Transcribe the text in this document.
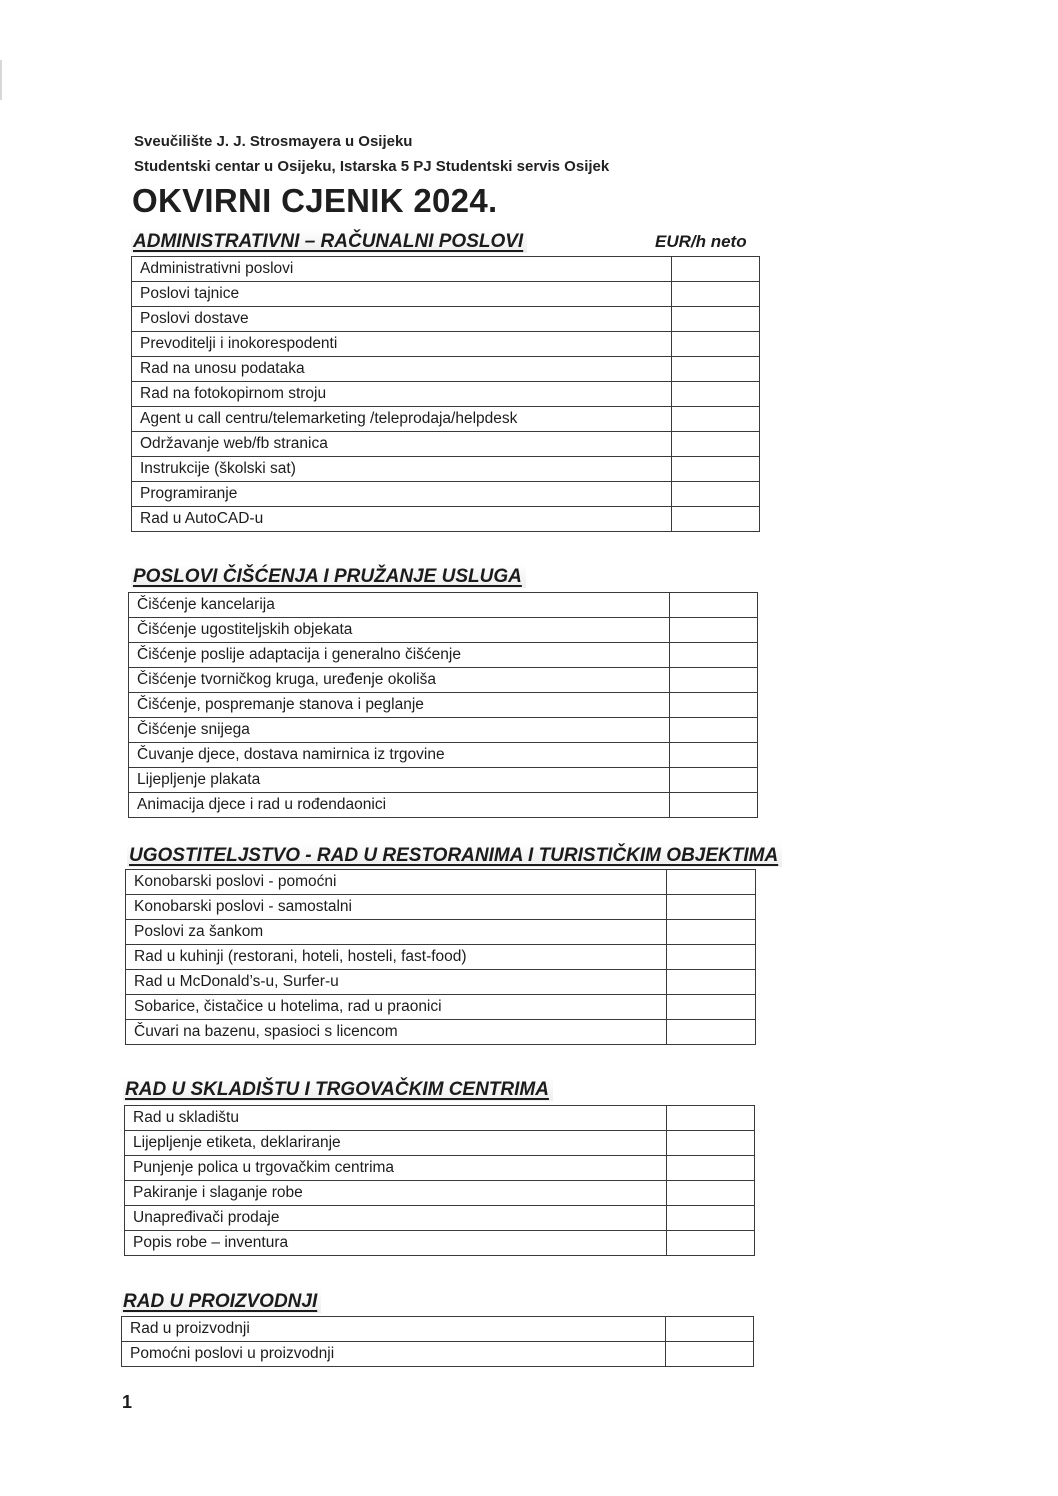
Sveučilište J. J. Strosmayera u Osijeku
Studentski centar u Osijeku, Istarska 5 PJ Studentski servis Osijek
OKVIRNI CJENIK 2024.
EUR/h neto
ADMINISTRATIVNI – RAČUNALNI POSLOVI
Administrativni poslovi	
Poslovi tajnice	
Poslovi dostave	
Prevoditelji i inokorespodenti	
Rad na unosu podataka	
Rad na fotokopirnom stroju	
Agent u call centru/telemarketing /teleprodaja/helpdesk	
Održavanje web/fb stranica	
Instrukcije (školski sat)	
Programiranje	
Rad u AutoCAD-u	
POSLOVI ČIŠĆENJA I PRUŽANJE USLUGA
Čišćenje kancelarija	
Čišćenje ugostiteljskih objekata	
Čišćenje poslije adaptacija i generalno čišćenje	
Čišćenje tvorničkog kruga, uređenje okoliša	
Čišćenje, pospremanje stanova i peglanje	
Čišćenje snijega	
Čuvanje djece, dostava namirnica iz trgovine	
Lijepljenje plakata	
Animacija djece i rad u rođendaonici	
UGOSTITELJSTVO - RAD U RESTORANIMA I TURISTIČKIM OBJEKTIMA
Konobarski poslovi - pomoćni	
Konobarski poslovi - samostalni	
Poslovi za šankom	
Rad u kuhinji (restorani, hoteli, hosteli, fast-food)	
Rad u McDonald’s-u, Surfer-u	
Sobarice, čistačice u hotelima, rad u praonici	
Čuvari na bazenu, spasioci s licencom	
RAD U SKLADIŠTU I TRGOVAČKIM CENTRIMA
Rad u skladištu	
Lijepljenje etiketa, deklariranje	
Punjenje polica u trgovačkim centrima	
Pakiranje i slaganje robe	
Unapređivači prodaje	
Popis robe – inventura	
RAD U PROIZVODNJI
Rad u proizvodnji	
Pomoćni poslovi u proizvodnji	
1
